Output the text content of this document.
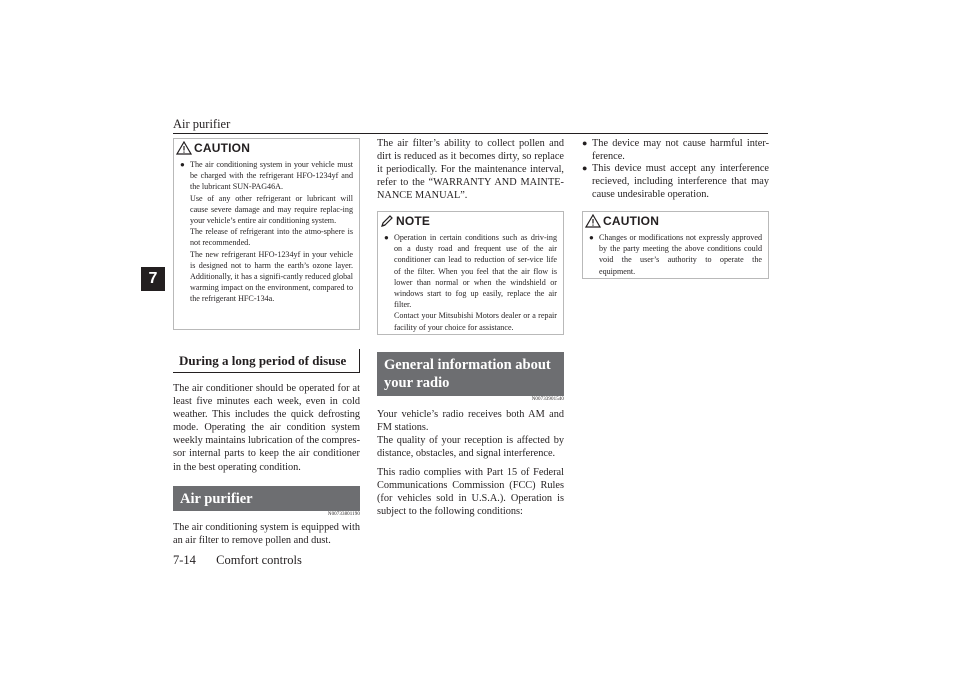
Air purifier
7
CAUTION
● The air conditioning system in your vehicle must be charged with the refrigerant HFO-1234yf and the lubricant SUN-PAG46A.
Use of any other refrigerant or lubricant will cause severe damage and may require replac-ing your vehicle’s entire air conditioning system.
The release of refrigerant into the atmo-sphere is not recommended.
The new refrigerant HFO-1234yf in your vehicle is designed not to harm the earth’s ozone layer. Additionally, it has a signifi-cantly reduced global warming impact on the environment, compared to the refrigerant HFC-134a.
During a long period of disuse
The air conditioner should be operated for at least five minutes each week, even in cold weather. This includes the quick defrosting mode. Operating the air condition system weekly maintains lubrication of the compres-sor internal parts to keep the air conditioner in the best operating condition.
Air purifier
N00733801190
The air conditioning system is equipped with an air filter to remove pollen and dust.
The air filter’s ability to collect pollen and dirt is reduced as it becomes dirty, so replace it periodically. For the maintenance interval, refer to the “WARRANTY AND MAINTE-NANCE MANUAL”.
NOTE
● Operation in certain conditions such as driv-ing on a dusty road and frequent use of the air conditioner can lead to reduction of ser-vice life of the filter. When you feel that the air flow is lower than normal or when the windshield or windows start to fog up easily, replace the air filter.
Contact your Mitsubishi Motors dealer or a repair facility of your choice for assistance.
General information about your radio
N00733901540
Your vehicle’s radio receives both AM and FM stations.
The quality of your reception is affected by distance, obstacles, and signal interference.
This radio complies with Part 15 of Federal Communications Commission (FCC) Rules (for vehicles sold in U.S.A.). Operation is subject to the following conditions:
● The device may not cause harmful inter-ference.
● This device must accept any interference recieved, including interference that may cause undesirable operation.
CAUTION
● Changes or modifications not expressly approved by the party meeting the above conditions could void the user’s authority to operate the equipment.
7-14 Comfort controls
